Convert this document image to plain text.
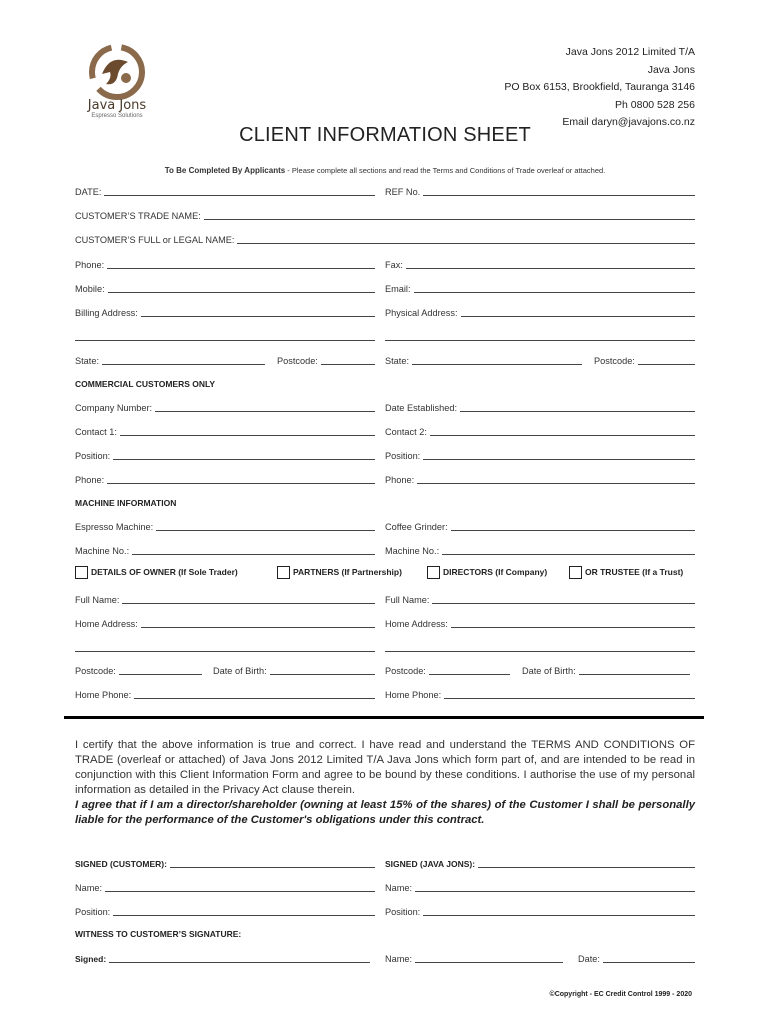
Java Jons
Espresso Solutions
Java Jons 2012 Limited T/A
Java Jons
PO Box 6153, Brookfield, Tauranga 3146
Ph 0800 528 256
Email daryn@javajons.co.nz
CLIENT INFORMATION SHEET
To Be Completed By Applicants - Please complete all sections and read the Terms and Conditions of Trade overleaf or attached.
DATE:	REF No.
CUSTOMER’S TRADE NAME:
CUSTOMER’S FULL or LEGAL NAME:
Phone:	Fax:
Mobile:	Email:
Billing Address:	Physical Address:
State:	Postcode:	State:	Postcode:
COMMERCIAL CUSTOMERS ONLY
Company Number:	Date Established:
Contact 1:	Contact 2:
Position:	Position:
Phone:	Phone:
MACHINE INFORMATION
Espresso Machine:	Coffee Grinder:
Machine No.:	Machine No.:
DETAILS OF OWNER (If Sole Trader)	PARTNERS (If Partnership)	DIRECTORS (If Company)	OR TRUSTEE (If a Trust)
Full Name:	Full Name:
Home Address:	Home Address:
Postcode:	Date of Birth:	Postcode:	Date of Birth:
Home Phone:	Home Phone:
I certify that the above information is true and correct. I have read and understand the TERMS AND CONDITIONS OF TRADE (overleaf or attached) of Java Jons 2012 Limited T/A Java Jons which form part of, and are intended to be read in conjunction with this Client Information Form and agree to be bound by these conditions. I authorise the use of my personal information as detailed in the Privacy Act clause therein.
I agree that if I am a director/shareholder (owning at least 15% of the shares) of the Customer I shall be personally liable for the performance of the Customer's obligations under this contract.
SIGNED (CUSTOMER):	SIGNED (JAVA JONS):
Name:	Name:
Position:	Position:
WITNESS TO CUSTOMER’S SIGNATURE:
Signed:	Name:	Date:
©Copyright - EC Credit Control 1999 - 2020
